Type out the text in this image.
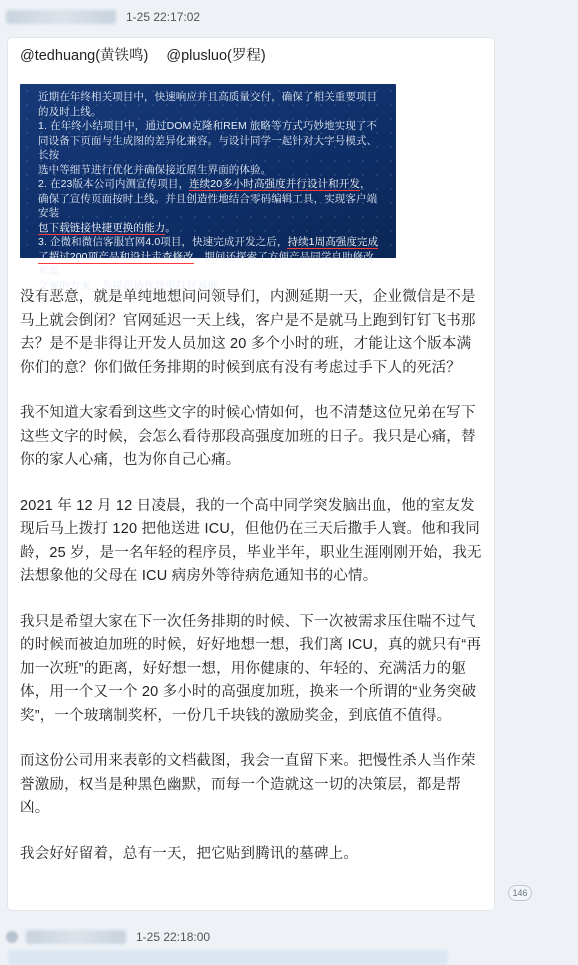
1-25 22:17:02
@tedhuang(黄铁鸣) @plusluo(罗程)

近期在年终相关项目中，快速响应并且高质量交付，确保了相关重要项目

的及时上线。

1. 在年终小结项目中，通过DOM克隆和REM 旅略等方式巧妙地实现了不

同设备下页面与生成图的差异化兼容。与设计同学一起针对大字号模式、长按

选中等细节进行优化并确保接近原生界面的体验。

2. 在23版本公司内测宣传项目，连续20多小时高强度并行设计和开发，

确保了宣传页面按时上线。并且创造性地结合零码编辑工具，实现客户端安装

包下载链接快捷更换的能力。

3. 企微和微信客服官网4.0项目，快速完成开发之后，持续1周高强度完成

了超过200项产品和设计走查修改，期间还探索了方便产品同学自助修改页面

文案的方案，为提高协作效率打好基础。

没有恶意，就是单纯地想问问领导们，内测延期一天，企业微信是不是马上就会倒闭？官网延迟一天上线，客户是不是就马上跑到钉钉飞书那去？是不是非得让开发人员加这 20 多个小时的班，才能让这个版本满你们的意？你们做任务排期的时候到底有没有考虑过手下人的死活？

我不知道大家看到这些文字的时候心情如何，也不清楚这位兄弟在写下这些文字的时候，会怎么看待那段高强度加班的日子。我只是心痛，替你的家人心痛，也为你自己心痛。

2021 年 12 月 12 日凌晨，我的一个高中同学突发脑出血，他的室友发现后马上拨打 120 把他送进 ICU，但他仍在三天后撒手人寰。他和我同龄，25 岁，是一名年轻的程序员，毕业半年，职业生涯刚刚开始，我无法想象他的父母在 ICU 病房外等待病危通知书的心情。

我只是希望大家在下一次任务排期的时候、下一次被需求压住喘不过气的时候而被迫加班的时候，好好地想一想，我们离 ICU，真的就只有“再加一次班”的距离，好好想一想，用你健康的、年轻的、充满活力的躯体，用一个又一个 20 多小时的高强度加班，换来一个所谓的“业务突破奖”，一个玻璃制奖杯，一份几千块钱的激励奖金，到底值不值得。

而这份公司用来表彰的文档截图，我会一直留下来。把慢性杀人当作荣誉激励，权当是种黑色幽默，而每一个造就这一切的决策层，都是帮凶。

我会好好留着，总有一天，把它贴到腾讯的墓碑上。

146
1-25 22:18:00
